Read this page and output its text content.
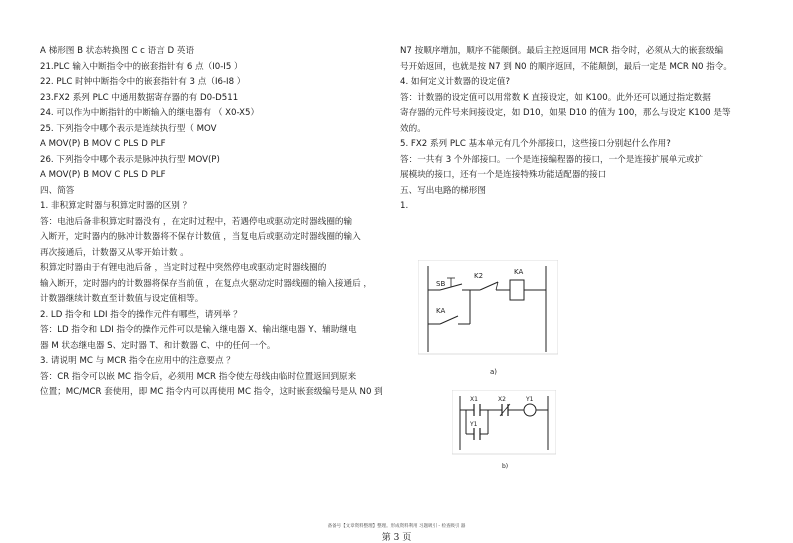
A 梯形图 B 状态转换图 C c 语言 D 英语
21.PLC 输入中断指令中的嵌套指针有 6 点（I0-I5 ）
22. PLC 时钟中断指令中的嵌套指针有 3 点（I6-I8 ）
23.FX2 系列 PLC 中通用数据寄存器的有 D0-D511
24. 可以作为中断指针的中断输入的继电器有 （ X0-X5）
25. 下列指令中哪个表示是连续执行型（ MOV
A MOV(P) B MOV C PLS D PLF
26. 下列指令中哪个表示是脉冲执行型 MOV(P)
A MOV(P) B MOV C PLS D PLF
四、简答
1. 非积算定时器与积算定时器的区别 ？
答：电池后备非积算定时器没有 ，在定时过程中，若遇停电或驱动定时器线圈的输
入断开，定时器内的脉冲计数器将不保存计数值 ，当复电后或驱动定时器线圈的输入
再次接通后，计数器又从零开始计数 。
积算定时器由于有锂电池后备 ，当定时过程中突然停电或驱动定时器线圈的
输入断开，定时器内的计数器将保存当前值 ，在复点火驱动定时器线圈的输入接通后 ，
计数器继续计数直至计数值与设定值相等。
2. LD 指令和 LDI 指令的操作元件有哪些，请列举 ？
答：LD 指令和 LDI 指令的操作元件可以是输入继电器 X、输出继电器 Y、辅助继电
器 M 状态继电器 S、定时器 T、和计数器 C、中的任何一个。
3. 请说明 MC 与 MCR 指令在应用中的注意要点 ？
答：CR 指令可以嵌 MC 指令后，必须用 MCR 指令使左母线由临时位置返回到原来
位置；MC/MCR 套使用，即 MC 指令内可以再使用 MC 指令，这时嵌套级编号是从 N0 到
N7 按顺序增加，顺序不能颠倒。最后主控返回用 MCR 指令时，必须从大的嵌套级编
号开始返回，也就是按 N7 到 N0 的顺序返回，不能颠倒，最后一定是 MCR N0 指令。
4. 如何定义计数器的设定值?
答：计数器的设定值可以用常数 K 直接设定，如 K100。此外还可以通过指定数据
寄存器的元件号来间接设定，如 D10，如果 D10 的值为 100，那么与设定 K100 是等
效的。
5. FX2 系列 PLC 基本单元有几个外部接口，这些接口分别起什么作用?
答：一共有 3 个外部接口。一个是连接编程器的接口，一个是连接扩展单元或扩
展模块的接口，还有一个是连接特殊功能适配器的接口
五、写出电路的梯形图
1.
SB
K2	KA
KA
a)
X1	X2	Y1
Y1
b)
备备号【文章资料整理】整理。形成资料利用 习题吸引 - 检查吸引 器
第 3 页
